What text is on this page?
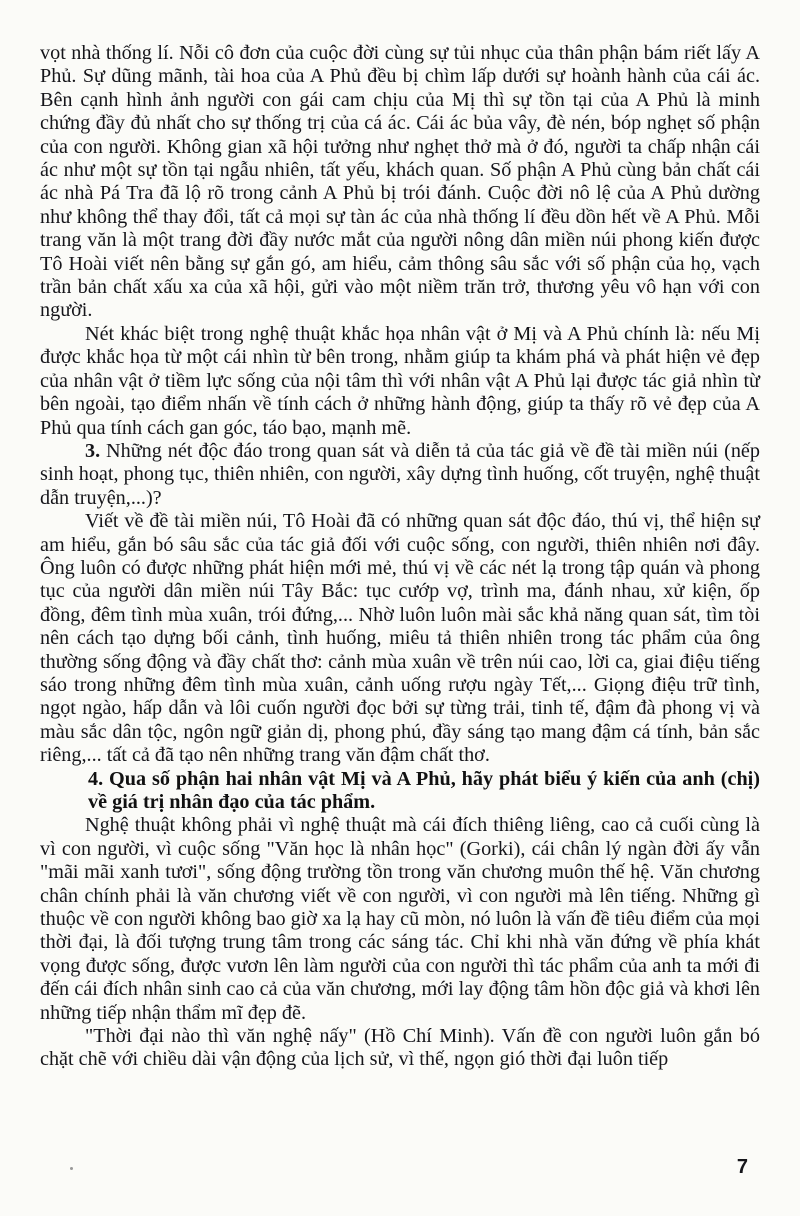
vọt nhà thống lí. Nỗi cô đơn của cuộc đời cùng sự tủi nhục của thân phận bám riết lấy A Phủ. Sự dũng mãnh, tài hoa của A Phủ đều bị chìm lấp dưới sự hoành hành của cái ác. Bên cạnh hình ảnh người con gái cam chịu của Mị thì sự tồn tại của A Phủ là minh chứng đầy đủ nhất cho sự thống trị của cá ác. Cái ác bủa vây, đè nén, bóp nghẹt số phận của con người. Không gian xã hội tưởng như nghẹt thở mà ở đó, người ta chấp nhận cái ác như một sự tồn tại ngẫu nhiên, tất yếu, khách quan. Số phận A Phủ cùng bản chất cái ác nhà Pá Tra đã lộ rõ trong cảnh A Phủ bị trói đánh. Cuộc đời nô lệ của A Phủ dường như không thể thay đổi, tất cả mọi sự tàn ác của nhà thống lí đều dồn hết về A Phủ. Mỗi trang văn là một trang đời đầy nước mắt của người nông dân miền núi phong kiến được Tô Hoài viết nên bằng sự gắn gó, am hiểu, cảm thông sâu sắc với số phận của họ, vạch trần bản chất xấu xa của xã hội, gửi vào một niềm trăn trở, thương yêu vô hạn với con người.

Nét khác biệt trong nghệ thuật khắc họa nhân vật ở Mị và A Phủ chính là: nếu Mị được khắc họa từ một cái nhìn từ bên trong, nhằm giúp ta khám phá và phát hiện vẻ đẹp của nhân vật ở tiềm lực sống của nội tâm thì với nhân vật A Phủ lại được tác giả nhìn từ bên ngoài, tạo điểm nhấn về tính cách ở những hành động, giúp ta thấy rõ vẻ đẹp của A Phủ qua tính cách gan góc, táo bạo, mạnh mẽ.

3. Những nét độc đáo trong quan sát và diễn tả của tác giả về đề tài miền núi (nếp sinh hoạt, phong tục, thiên nhiên, con người, xây dựng tình huống, cốt truyện, nghệ thuật dẫn truyện,...)?

Viết về đề tài miền núi, Tô Hoài đã có những quan sát độc đáo, thú vị, thể hiện sự am hiểu, gắn bó sâu sắc của tác giả đối với cuộc sống, con người, thiên nhiên nơi đây. Ông luôn có được những phát hiện mới mẻ, thú vị về các nét lạ trong tập quán và phong tục của người dân miền núi Tây Bắc: tục cướp vợ, trình ma, đánh nhau, xử kiện, ốp đồng, đêm tình mùa xuân, trói đứng,... Nhờ luôn luôn mài sắc khả năng quan sát, tìm tòi nên cách tạo dựng bối cảnh, tình huống, miêu tả thiên nhiên trong tác phẩm của ông thường sống động và đầy chất thơ: cảnh mùa xuân về trên núi cao, lời ca, giai điệu tiếng sáo trong những đêm tình mùa xuân, cảnh uống rượu ngày Tết,... Giọng điệu trữ tình, ngọt ngào, hấp dẫn và lôi cuốn người đọc bởi sự từng trải, tinh tế, đậm đà phong vị và màu sắc dân tộc, ngôn ngữ giản dị, phong phú, đầy sáng tạo mang đậm cá tính, bản sắc riêng,... tất cả đã tạo nên những trang văn đậm chất thơ.

4. Qua số phận hai nhân vật Mị và A Phủ, hãy phát biểu ý kiến của anh (chị) về giá trị nhân đạo của tác phẩm.

Nghệ thuật không phải vì nghệ thuật mà cái đích thiêng liêng, cao cả cuối cùng là vì con người, vì cuộc sống "Văn học là nhân học" (Gorki), cái chân lý ngàn đời ấy vẫn "mãi mãi xanh tươi", sống động trường tồn trong văn chương muôn thế hệ. Văn chương chân chính phải là văn chương viết về con người, vì con người mà lên tiếng. Những gì thuộc về con người không bao giờ xa lạ hay cũ mòn, nó luôn là vấn đề tiêu điểm của mọi thời đại, là đối tượng trung tâm trong các sáng tác. Chỉ khi nhà văn đứng về phía khát vọng được sống, được vươn lên làm người của con người thì tác phẩm của anh ta mới đi đến cái đích nhân sinh cao cả của văn chương, mới lay động tâm hồn độc giả và khơi lên những tiếp nhận thẩm mĩ đẹp đẽ.

"Thời đại nào thì văn nghệ nấy" (Hồ Chí Minh). Vấn đề con người luôn gắn bó chặt chẽ với chiều dài vận động của lịch sử, vì thế, ngọn gió thời đại luôn tiếp

7
